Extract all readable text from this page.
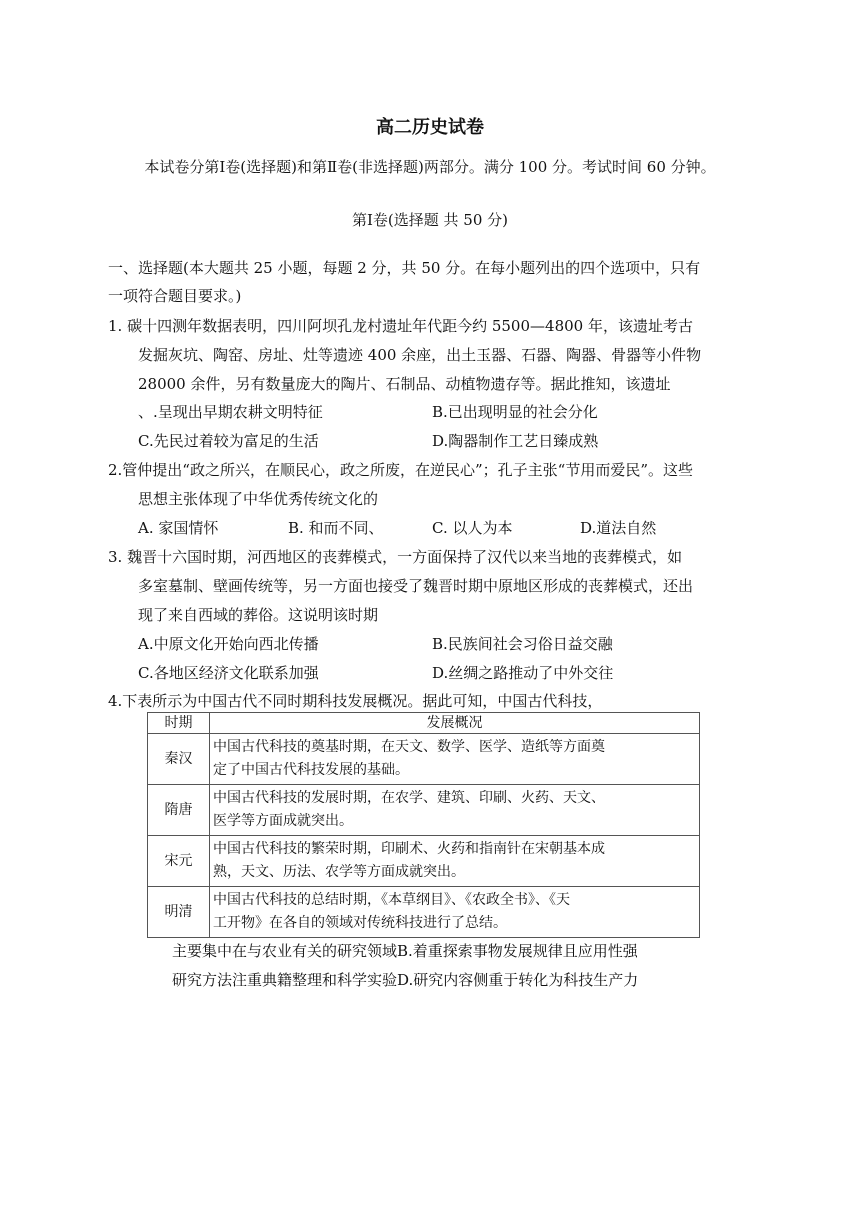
高二历史试卷
本试卷分第Ⅰ卷(选择题)和第Ⅱ卷(非选择题)两部分。满分 100 分。考试时间 60 分钟。
第Ⅰ卷(选择题 共 50 分)
一、选择题(本大题共 25 小题，每题 2 分，共 50 分。在每小题列出的四个选项中，只有
一项符合题目要求。)
1. 碳十四测年数据表明，四川阿坝孔龙村遗址年代距今约 5500—4800 年，该遗址考古
发掘灰坑、陶窑、房址、灶等遗迹 400 余座，出土玉器、石器、陶器、骨器等小件物
28000 余件，另有数量庞大的陶片、石制品、动植物遗存等。据此推知，该遗址
、.呈现出早期农耕文明特征	B.已出现明显的社会分化
C.先民过着较为富足的生活	D.陶器制作工艺日臻成熟
2.管仲提出“政之所兴，在顺民心，政之所废，在逆民心”；孔子主张“节用而爱民”。这些
思想主张体现了中华优秀传统文化的
A. 家国情怀	B. 和而不同、	C. 以人为本	D.道法自然
3. 魏晋十六国时期，河西地区的丧葬模式，一方面保持了汉代以来当地的丧葬模式，如
多室墓制、壁画传统等，另一方面也接受了魏晋时期中原地区形成的丧葬模式，还出
现了来自西域的葬俗。这说明该时期
A.中原文化开始向西北传播	B.民族间社会习俗日益交融
C.各地区经济文化联系加强	D.丝绸之路推动了中外交往
4.下表所示为中国古代不同时期科技发展概况。据此可知，中国古代科技，
时期	发展概况
秦汉	中国古代科技的奠基时期，在天文、数学、医学、造纸等方面奠
定了中国古代科技发展的基础。

隋唐	中国古代科技的发展时期，在农学、建筑、印刷、火药、天文、
医学等方面成就突出。

宋元	中国古代科技的繁荣时期，印刷术、火药和指南针在宋朝基本成
熟，天文、历法、农学等方面成就突出。

明清	中国古代科技的总结时期，《本草纲目》、《农政全书》、《天
工开物》在各自的领域对传统科技进行了总结。
主要集中在与农业有关的研究领域B.着重探索事物发展规律且应用性强
研究方法注重典籍整理和科学实验D.研究内容侧重于转化为科技生产力
